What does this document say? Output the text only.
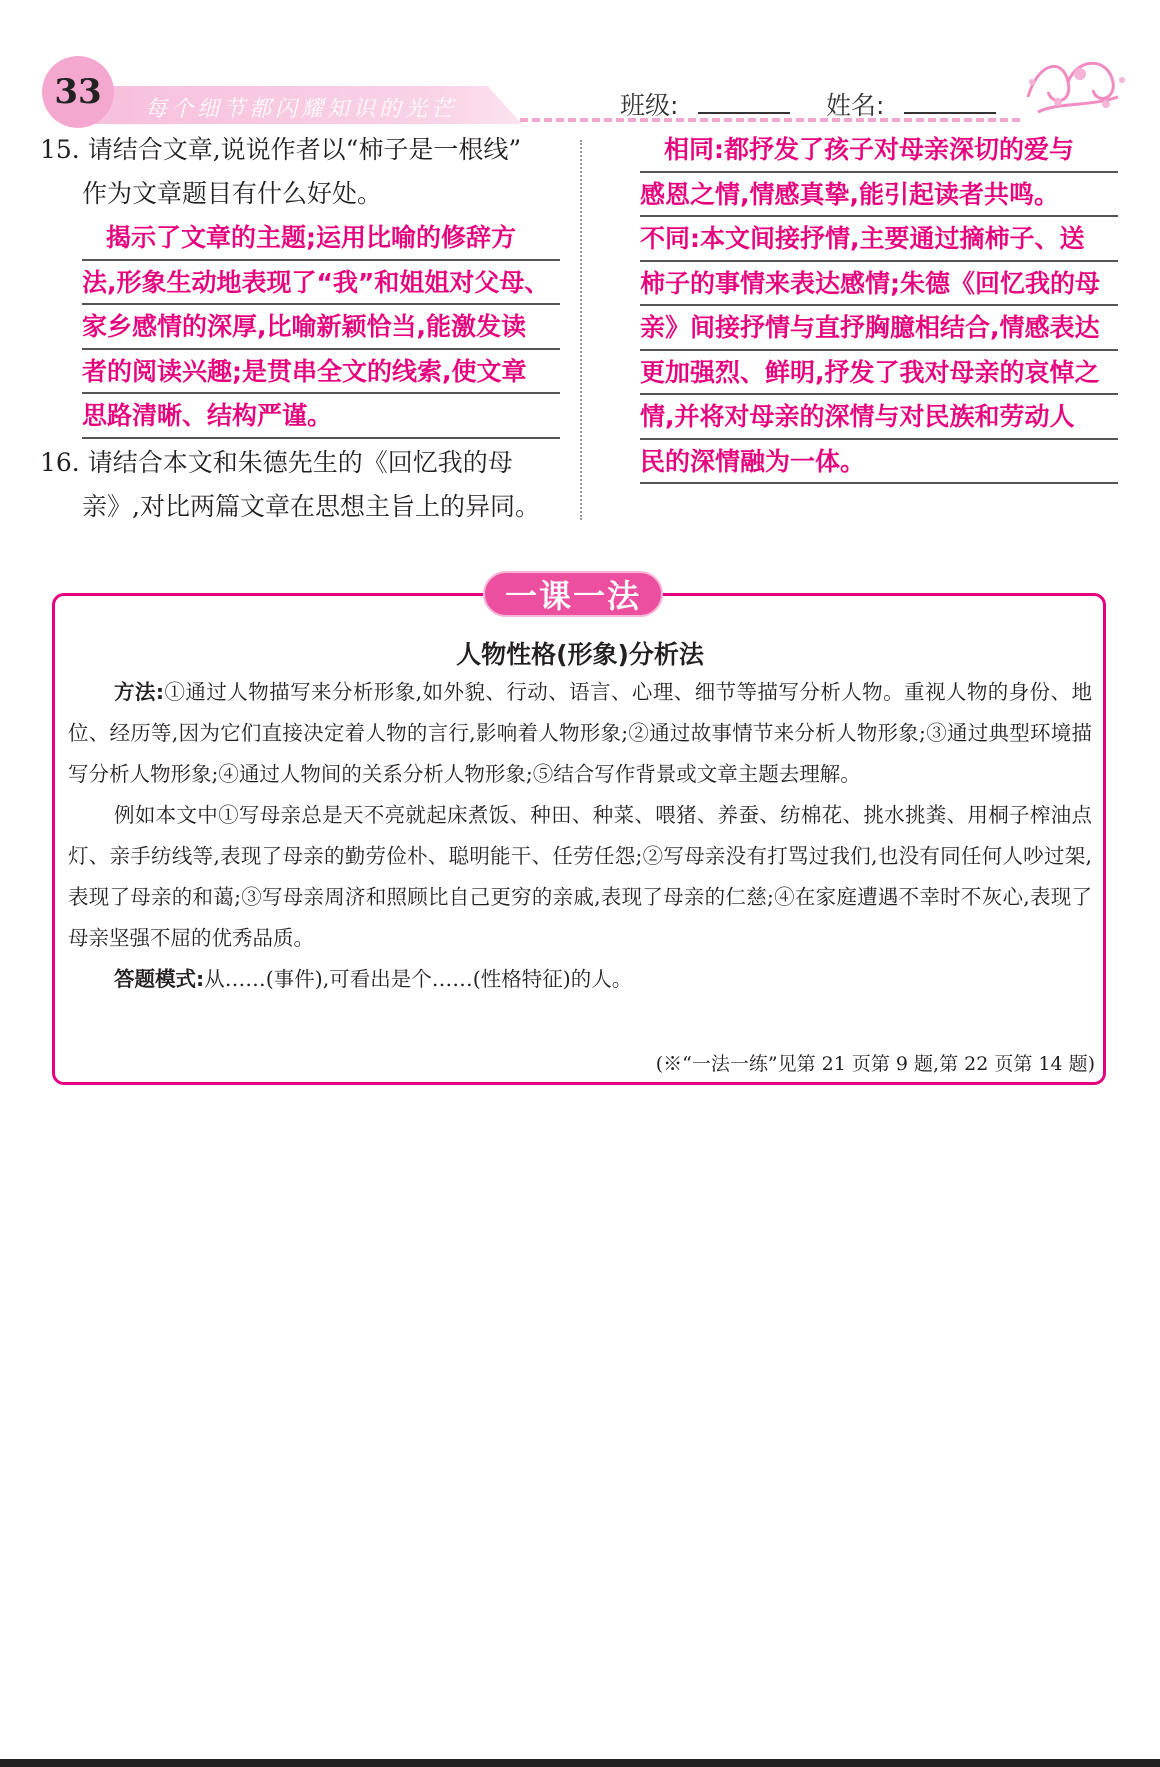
33	每个细节都闪耀知识的光芒	班级:	姓名:
15. 请结合文章,说说作者以“柿子是一根线”
作为文章题目有什么好处。
揭示了文章的主题;运用比喻的修辞方
法,形象生动地表现了“我”和姐姐对父母、
家乡感情的深厚,比喻新颖恰当,能激发读
者的阅读兴趣;是贯串全文的线索,使文章
思路清晰、结构严谨。
16. 请结合本文和朱德先生的《回忆我的母
亲》,对比两篇文章在思想主旨上的异同。
相同:都抒发了孩子对母亲深切的爱与
感恩之情,情感真挚,能引起读者共鸣。
不同:本文间接抒情,主要通过摘柿子、送
柿子的事情来表达感情;朱德《回忆我的母
亲》间接抒情与直抒胸臆相结合,情感表达
更加强烈、鲜明,抒发了我对母亲的哀悼之
情,并将对母亲的深情与对民族和劳动人
民的深情融为一体。
一课一法
人物性格(形象)分析法

方法:①通过人物描写来分析形象,如外貌、行动、语言、心理、细节等描写分析人物。重视人物的身份、地位、经历等,因为它们直接决定着人物的言行,影响着人物形象;②通过故事情节来分析人物形象;③通过典型环境描写分析人物形象;④通过人物间的关系分析人物形象;⑤结合写作背景或文章主题去理解。

例如本文中①写母亲总是天不亮就起床煮饭、种田、种菜、喂猪、养蚕、纺棉花、挑水挑粪、用桐子榨油点灯、亲手纺线等,表现了母亲的勤劳俭朴、聪明能干、任劳任怨;②写母亲没有打骂过我们,也没有同任何人吵过架,表现了母亲的和蔼;③写母亲周济和照顾比自己更穷的亲戚,表现了母亲的仁慈;④在家庭遭遇不幸时不灰心,表现了母亲坚强不屈的优秀品质。

答题模式:从……(事件),可看出是个……(性格特征)的人。

(※“一法一练”见第 21 页第 9 题,第 22 页第 14 题)
